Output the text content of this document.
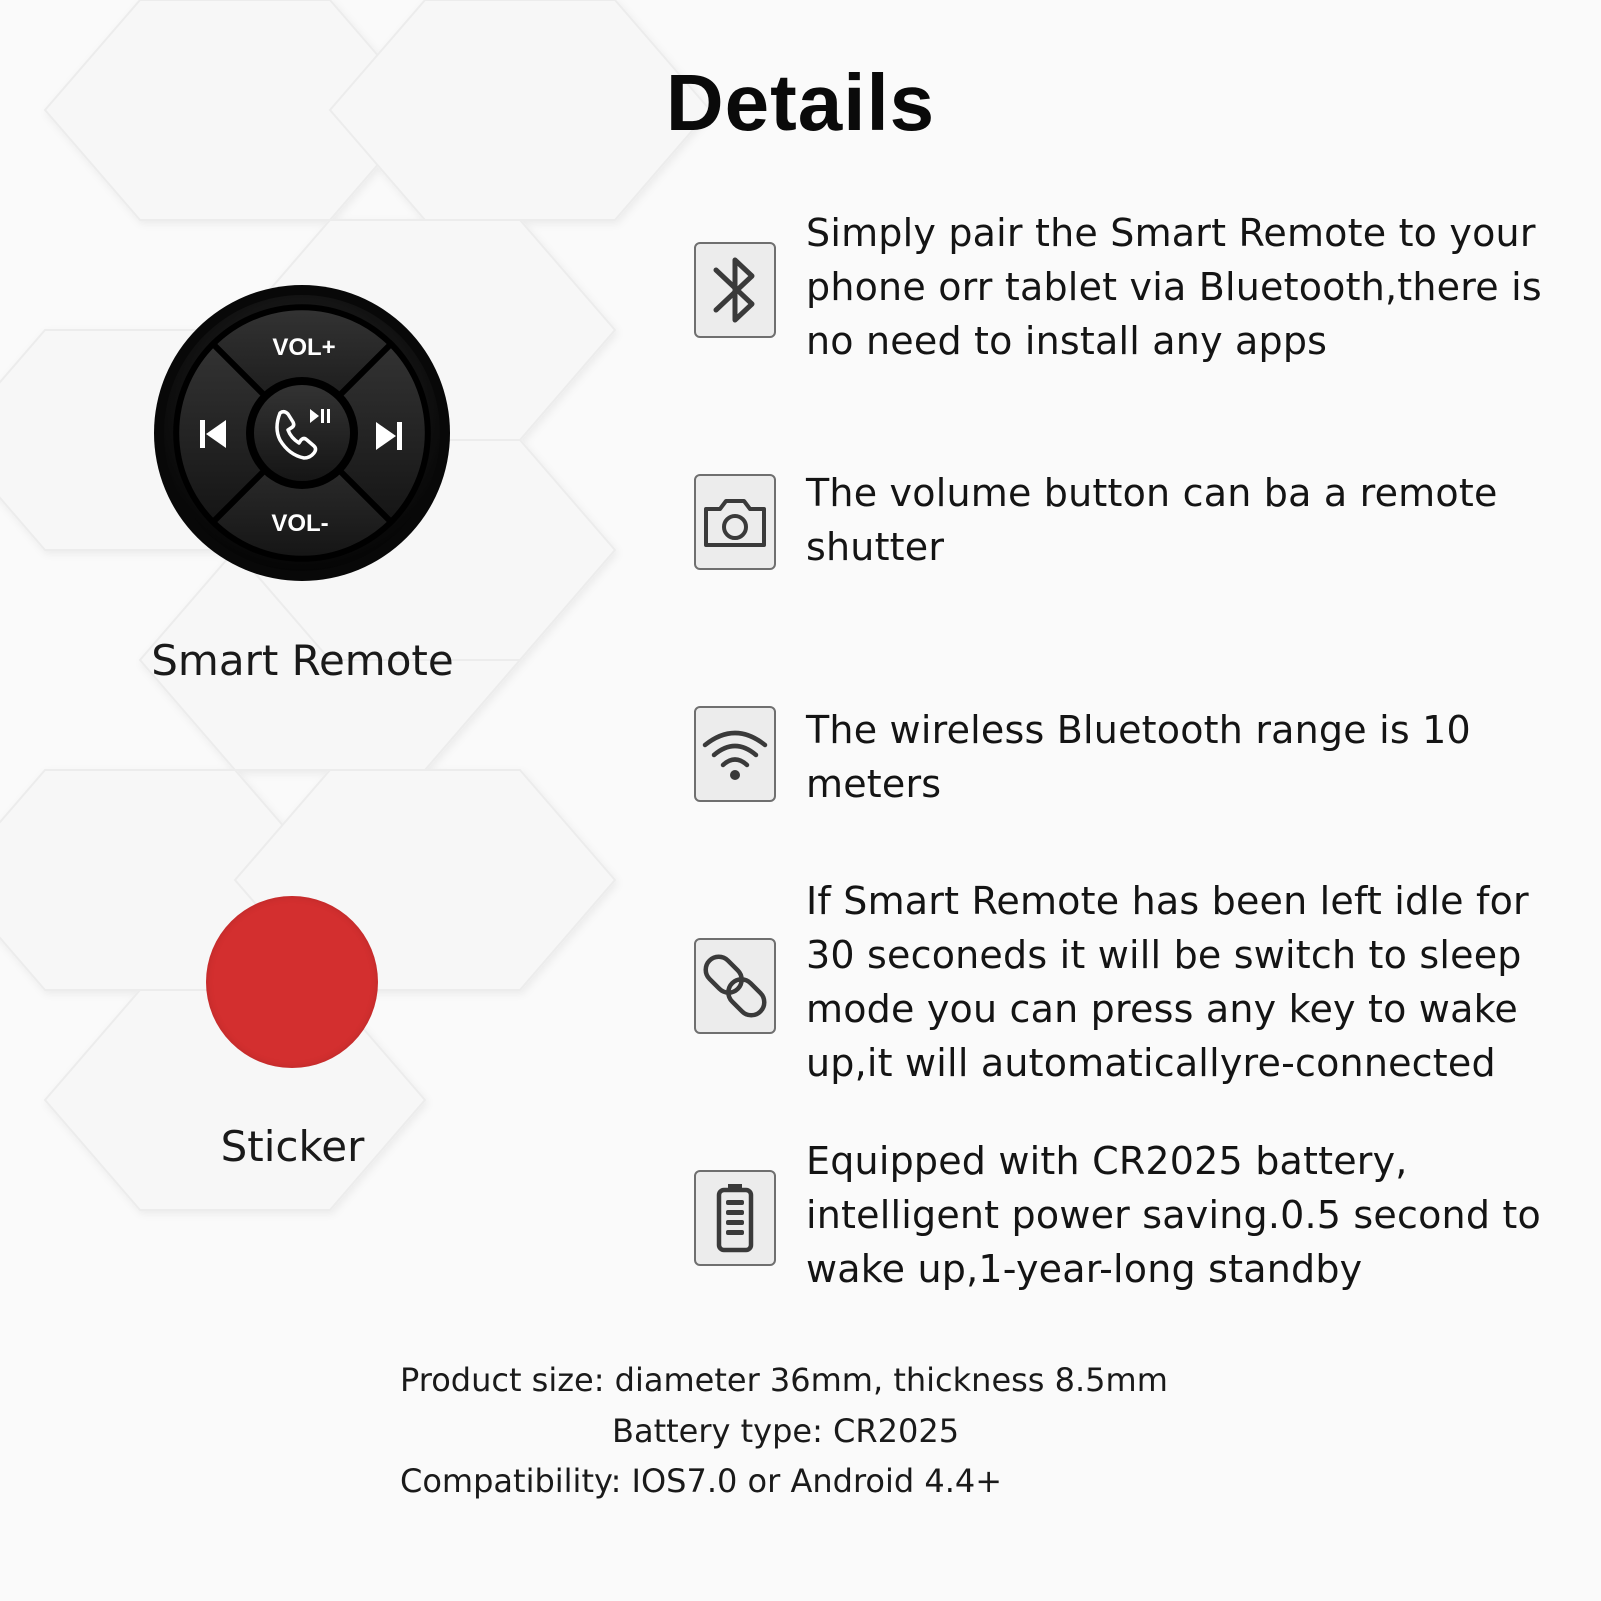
Details
VOL+
VOL-
Smart Remote
Sticker
Simply pair the Smart Remote to your phone orr tablet via Bluetooth,there is no need to install any apps
The volume button can ba a remote shutter
The wireless Bluetooth range is 10 meters
If Smart Remote has been left idle for 30 seconeds it will be switch to sleep mode you can press any key to wake up,it will automaticallyre-connected
Equipped with CR2025 battery, intelligent power saving.0.5 second to wake up,1-year-long standby
Product size: diameter 36mm, thickness 8.5mm
Battery type: CR2025
Compatibility: IOS7.0 or Android 4.4+
